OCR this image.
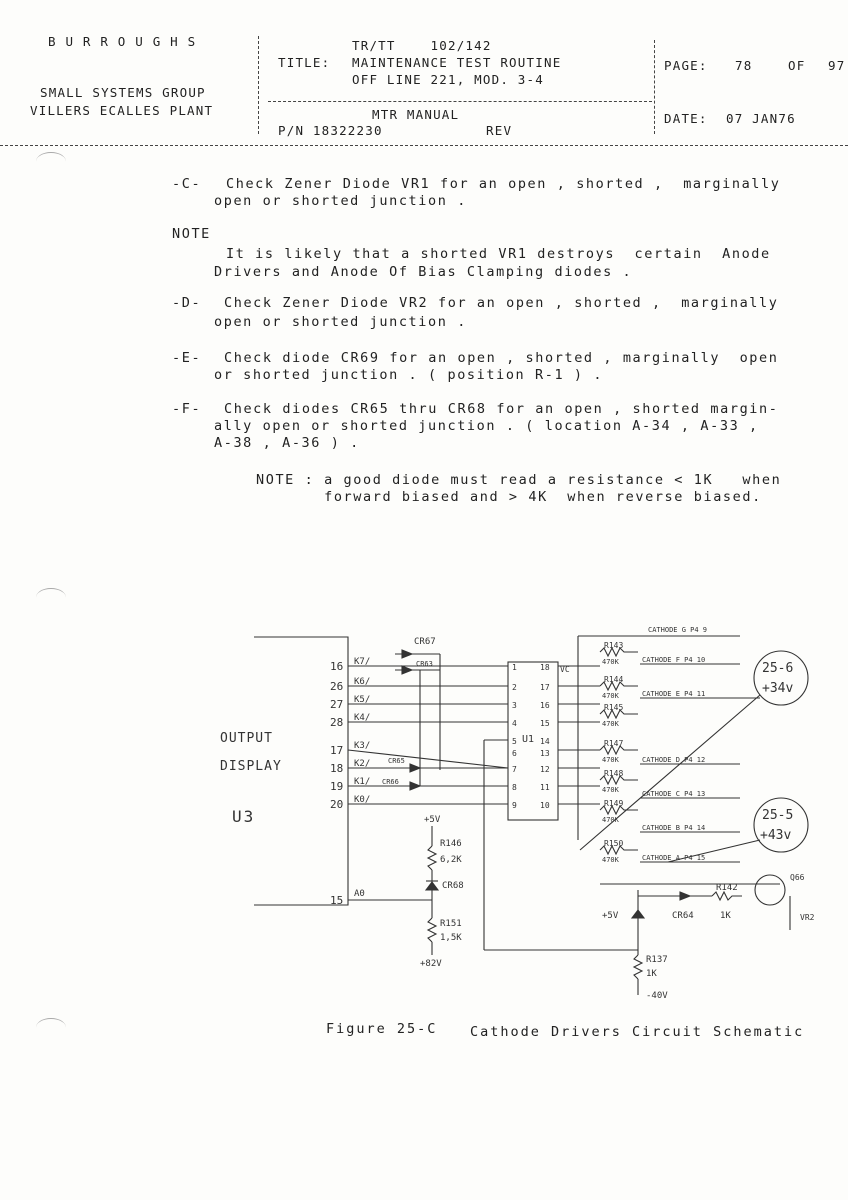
B U R R O U G H S
SMALL SYSTEMS GROUP
VILLERS ECALLES PLANT
TR/TT    102/142
TITLE: MAINTENANCE TEST ROUTINE
OFF LINE 221, MOD. 3-4
MTR MANUAL
P/N 18322230	REV
PAGE: 78	OF 97
DATE: 07 JAN76
-C- Check Zener Diode VR1 for an open , shorted ,  marginally
open or shorted junction .
NOTE
It is likely that a shorted VR1 destroys  certain  Anode
Drivers and Anode Of Bias Clamping diodes .
-D- Check Zener Diode VR2 for an open , shorted ,  marginally
open or shorted junction .
-E- Check diode CR69 for an open , shorted , marginally  open
or shorted junction . ( position R-1 ) .
-F- Check diodes CR65 thru CR68 for an open , shorted margin-
ally open or shorted junction . ( location A-34 , A-33 ,
A-38 , A-36 ) .
NOTE : a good diode must read a resistance < 1K   when
forward biased and > 4K  when reverse biased.
OUTPUT
DISPLAY
U3
16
26
27
28
17
18
19
20
15
K7/
K6/
K5/
K4/
K3/
K2/
K1/
K0/
A0
CR67
CR63
CR65
CR66
CR68
CR64
U1
VC
1
2
3
4
5
6
7
8
9
18
17
16
15
14
13
12
11
10
R143
R144
R145
R147
R148
R149
R150
R142
470K
470K
470K
470K
470K
470K
470K
CATHODE G P4 9
CATHODE F P4 10
CATHODE E P4 11
CATHODE D P4 12
CATHODE C P4 13
CATHODE B P4 14
CATHODE A P4 15
+5V
R146
6,2K
R151
1,5K
+82V
+5V
R137
1K
-40V
1K
Q66
VR2
25-6
+34v
25-5
+43v
Figure 25-C Cathode Drivers Circuit Schematic
